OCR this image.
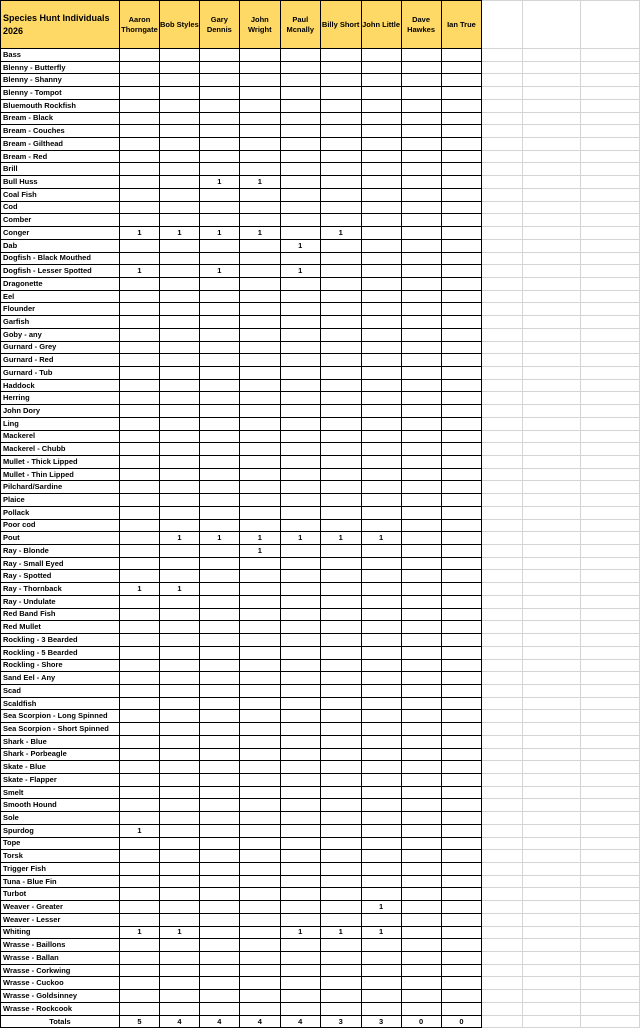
Species Hunt Individuals 2026	Aaron Thorngate	Bob Styles	Gary Dennis	John Wright	Paul Mcnally	Billy Short	John Little	Dave Hawkes	Ian True			
Bass												
Blenny - Butterfly												
Blenny - Shanny												
Blenny - Tompot												
Bluemouth Rockfish												
Bream - Black												
Bream - Couches												
Bream - Gilthead												
Bream - Red												
Brill												
Bull Huss			1	1								
Coal Fish												
Cod												
Comber												
Conger	1	1	1	1		1						
Dab					1							
Dogfish - Black Mouthed												
Dogfish - Lesser Spotted	1		1		1							
Dragonette												
Eel												
Flounder												
Garfish												
Goby - any												
Gurnard - Grey												
Gurnard - Red												
Gurnard - Tub												
Haddock												
Herring												
John Dory												
Ling												
Mackerel												
Mackerel - Chubb												
Mullet - Thick Lipped												
Mullet - Thin Lipped												
Pilchard/Sardine												
Plaice												
Pollack												
Poor cod												
Pout		1	1	1	1	1	1					
Ray - Blonde				1								
Ray - Small Eyed												
Ray - Spotted												
Ray - Thornback	1	1										
Ray - Undulate												
Red Band Fish												
Red Mullet												
Rockling - 3 Bearded												
Rockling - 5 Bearded												
Rockling - Shore												
Sand Eel - Any												
Scad												
Scaldfish												
Sea Scorpion - Long Spinned												
Sea Scorpion - Short Spinned												
Shark - Blue												
Shark - Porbeagle												
Skate - Blue												
Skate - Flapper												
Smelt												
Smooth Hound												
Sole												
Spurdog	1											
Tope												
Torsk												
Trigger Fish												
Tuna - Blue Fin												
Turbot												
Weaver - Greater							1					
Weaver - Lesser												
Whiting	1	1			1	1	1					
Wrasse - Baillons												
Wrasse - Ballan												
Wrasse - Corkwing												
Wrasse - Cuckoo												
Wrasse - Goldsinney												
Wrasse - Rockcook												
Totals	5	4	4	4	4	3	3	0	0			
